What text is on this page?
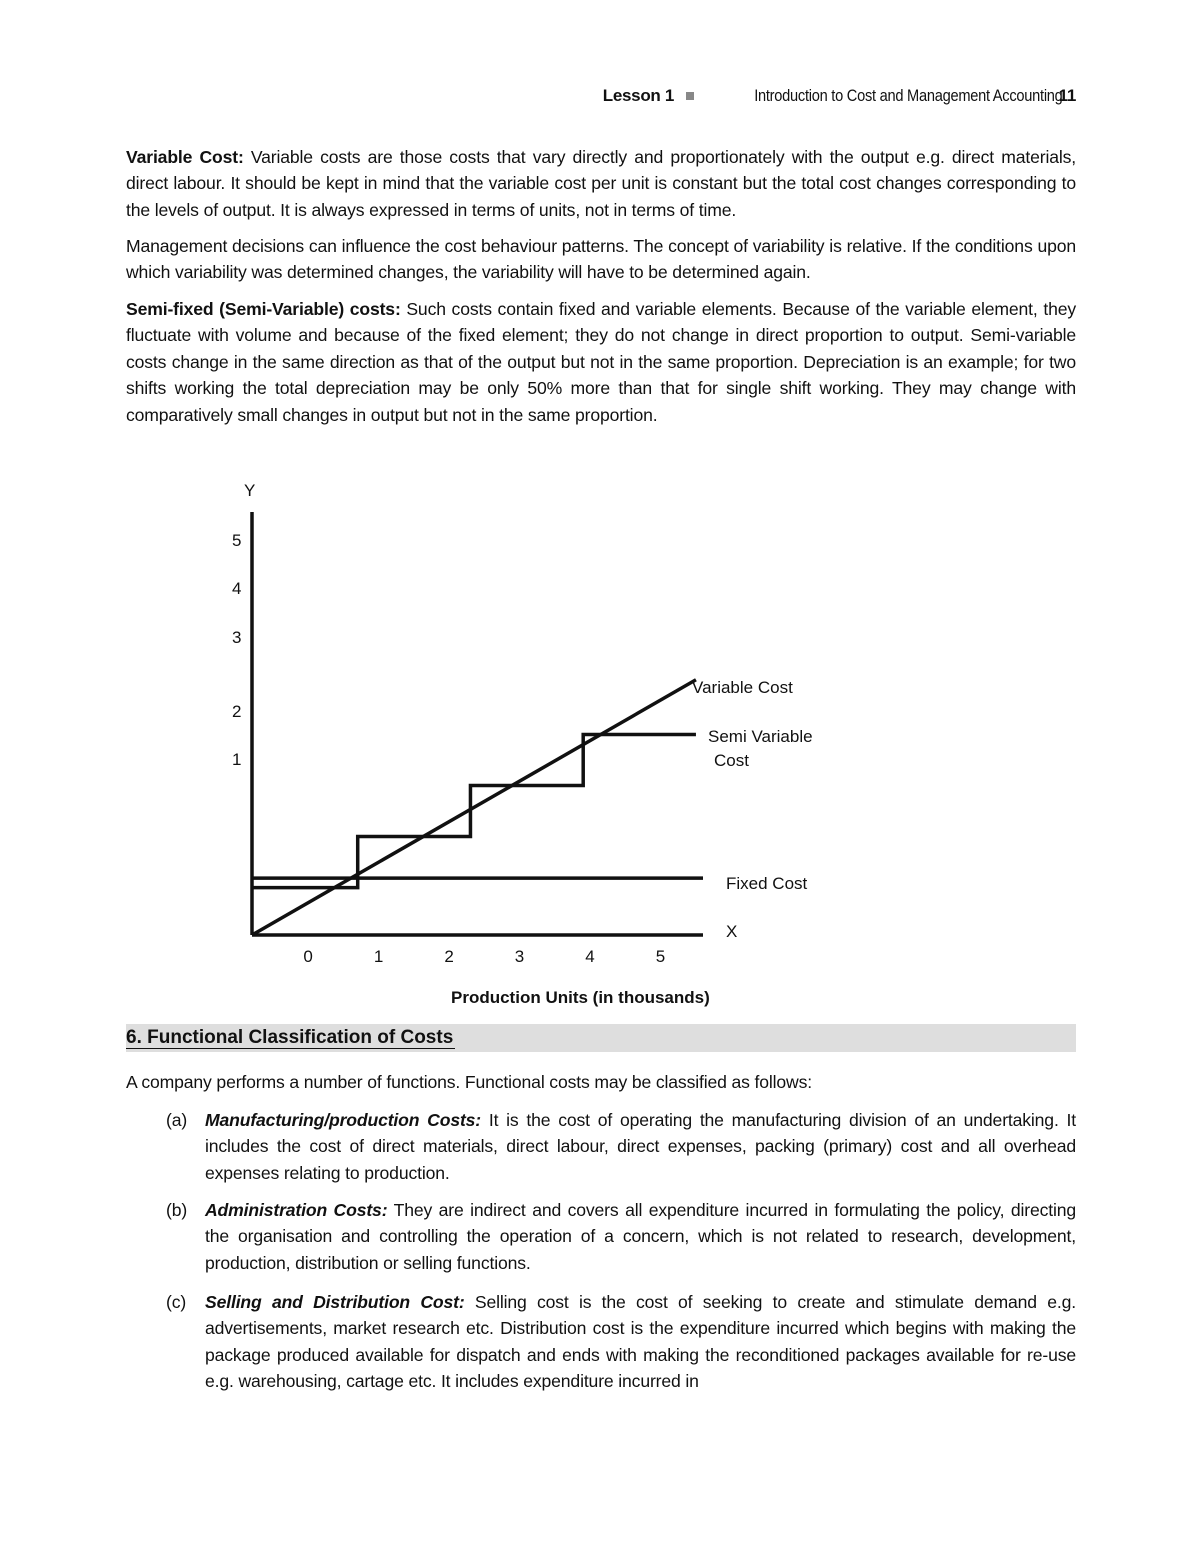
Lesson 1	Introduction to Cost and Management Accounting
11

Variable Cost: Variable costs are those costs that vary directly and proportionately with the output e.g. direct materials, direct labour. It should be kept in mind that the variable cost per unit is constant but the total cost changes corresponding to the levels of output. It is always expressed in terms of units, not in terms of time.

Management decisions can influence the cost behaviour patterns. The concept of variability is relative. If the conditions upon which variability was determined changes, the variability will have to be determined again.

Semi-fixed (Semi-Variable) costs: Such costs contain fixed and variable elements. Because of the variable element, they fluctuate with volume and because of the fixed element; they do not change in direct proportion to output. Semi-variable costs change in the same direction as that of the output but not in the same proportion. Depreciation is an example; for two shifts working the total depreciation may be only 50% more than that for single shift working. They may change with comparatively small changes in output but not in the same proportion.

Y
X
1
2
3
4
5
0	1	2	3	4	5
Variable Cost
Semi Variable
Cost
Fixed Cost
Production Units (in thousands)
6. Functional Classification of Costs

A company performs a number of functions. Functional costs may be classified as follows:

(a) Manufacturing/production Costs: It is the cost of operating the manufacturing division of an undertaking. It includes the cost of direct materials, direct labour, direct expenses, packing (primary) cost and all overhead expenses relating to production.
(b) Administration Costs: They are indirect and covers all expenditure incurred in formulating the policy, directing the organisation and controlling the operation of a concern, which is not related to research, development, production, distribution or selling functions.
(c) Selling and Distribution Cost: Selling cost is the cost of seeking to create and stimulate demand e.g. advertisements, market research etc. Distribution cost is the expenditure incurred which begins with making the package produced available for dispatch and ends with making the reconditioned packages available for re-use e.g. warehousing, cartage etc. It includes expenditure incurred in
